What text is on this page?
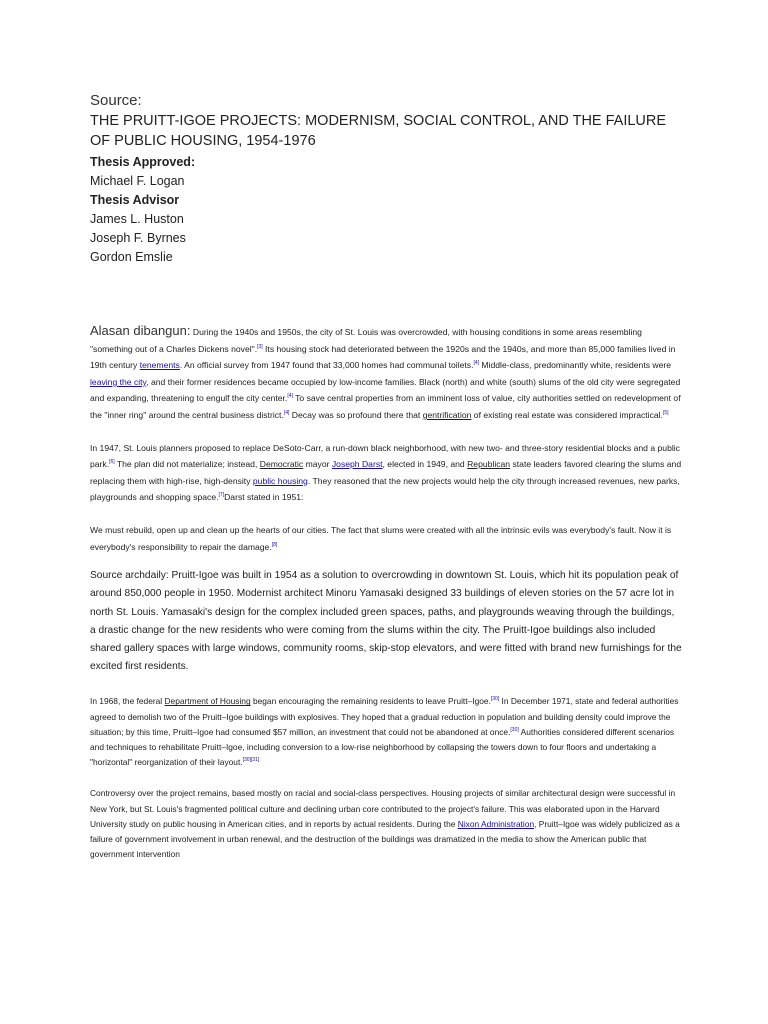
Source:
THE PRUITT-IGOE PROJECTS: MODERNISM, SOCIAL CONTROL, AND THE FAILURE OF PUBLIC HOUSING, 1954-1976
Thesis Approved:
Michael F. Logan
Thesis Advisor
James L. Huston
Joseph F. Byrnes
Gordon Emslie

Alasan dibangun: During the 1940s and 1950s, the city of St. Louis was overcrowded, with housing conditions in some areas resembling "something out of a Charles Dickens novel".[3] Its housing stock had deteriorated between the 1920s and the 1940s, and more than 85,000 families lived in 19th century tenements. An official survey from 1947 found that 33,000 homes had communal toilets.[4] Middle-class, predominantly white, residents were leaving the city, and their former residences became occupied by low-income families. Black (north) and white (south) slums of the old city were segregated and expanding, threatening to engulf the city center.[4] To save central properties from an imminent loss of value, city authorities settled on redevelopment of the "inner ring" around the central business district.[4] Decay was so profound there that gentrification of existing real estate was considered impractical.[5]

In 1947, St. Louis planners proposed to replace DeSoto-Carr, a run-down black neighborhood, with new two- and three-story residential blocks and a public park.[6] The plan did not materialize; instead, Democratic mayor Joseph Darst, elected in 1949, and Republican state leaders favored clearing the slums and replacing them with high-rise, high-density public housing. They reasoned that the new projects would help the city through increased revenues, new parks, playgrounds and shopping space.[7]Darst stated in 1951:

We must rebuild, open up and clean up the hearts of our cities. The fact that slums were created with all the intrinsic evils was everybody's fault. Now it is everybody's responsibility to repair the damage.[8]

Source archdaily: Pruitt-Igoe was built in 1954 as a solution to overcrowding in downtown St. Louis, which hit its population peak of around 850,000 people in 1950. Modernist architect Minoru Yamasaki designed 33 buildings of eleven stories on the 57 acre lot in north St. Louis. Yamasaki's design for the complex included green spaces, paths, and playgrounds weaving through the buildings, a drastic change for the new residents who were coming from the slums within the city. The Pruitt-Igoe buildings also included shared gallery spaces with large windows, community rooms, skip-stop elevators, and were fitted with brand new furnishings for the excited first residents.

In 1968, the federal Department of Housing began encouraging the remaining residents to leave Pruitt–Igoe.[30] In December 1971, state and federal authorities agreed to demolish two of the Pruitt–Igoe buildings with explosives. They hoped that a gradual reduction in population and building density could improve the situation; by this time, Pruitt–Igoe had consumed $57 million, an investment that could not be abandoned at once.[30] Authorities considered different scenarios and techniques to rehabilitate Pruitt–Igoe, including conversion to a low-rise neighborhood by collapsing the towers down to four floors and undertaking a "horizontal" reorganization of their layout.[30][31]

Controversy over the project remains, based mostly on racial and social-class perspectives. Housing projects of similar architectural design were successful in New York, but St. Louis's fragmented political culture and declining urban core contributed to the project's failure. This was elaborated upon in the Harvard University study on public housing in American cities, and in reports by actual residents. During the Nixon Administration, Pruitt–Igoe was widely publicized as a failure of government involvement in urban renewal, and the destruction of the buildings was dramatized in the media to show the American public that government intervention
